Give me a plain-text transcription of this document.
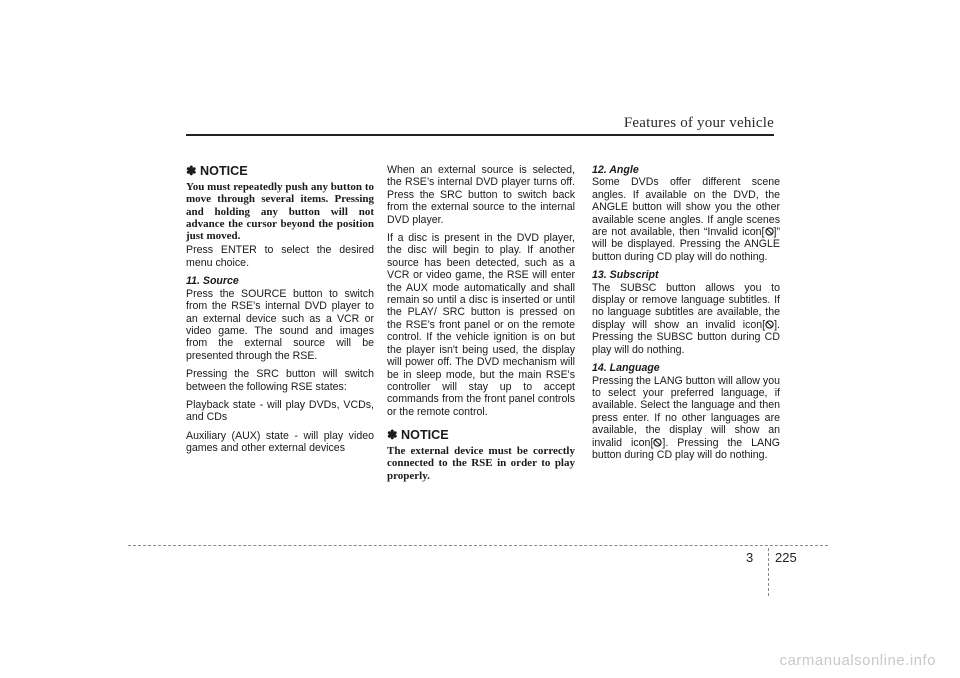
Features of your vehicle
✽ NOTICE

You must repeatedly push any button to move through several items. Pressing and holding any button will not advance the cursor beyond the position just moved.

Press ENTER to select the desired menu choice.

11. Source

Press the SOURCE button to switch from the RSE’s internal DVD player to an external device such as a VCR or video game. The sound and images from the external source will be presented through the RSE.

Pressing the SRC button will switch between the following RSE states:

Playback state - will play DVDs, VCDs, and CDs

Auxiliary (AUX) state - will play video games and other external devices

When an external source is selected, the RSE’s internal DVD player turns off. Press the SRC button to switch back from the external source to the internal DVD player.

If a disc is present in the DVD player, the disc will begin to play. If another source has been detected, such as a VCR or video game, the RSE will enter the AUX mode automatically and shall remain so until a disc is inserted or until the PLAY/ SRC button is pressed on the RSE’s front panel or on the remote control. If the vehicle ignition is on but the player isn't being used, the display will power off. The DVD mechanism will be in sleep mode, but the main RSE's controller will stay up to accept commands from the front panel controls or the remote control.

✽ NOTICE

The external device must be correctly connected to the RSE in order to play properly.

12. Angle

Some DVDs offer different scene angles. If available on the DVD, the ANGLE button will show you the other available scene angles. If angle scenes are not available, then “Invalid icon[ ]” will be displayed. Pressing the ANGLE button during CD play will do nothing.

13. Subscript

The SUBSC button allows you to display or remove language subtitles. If no language subtitles are available, the display will show an invalid icon[ ]. Pressing the SUBSC button during CD play will do nothing.

14. Language

Pressing the LANG button will allow you to select your preferred language, if available. Select the language and then press enter. If no other languages are available, the display will show an invalid icon[ ]. Pressing the LANG button during CD play will do nothing.

3 225
carmanualsonline.info
